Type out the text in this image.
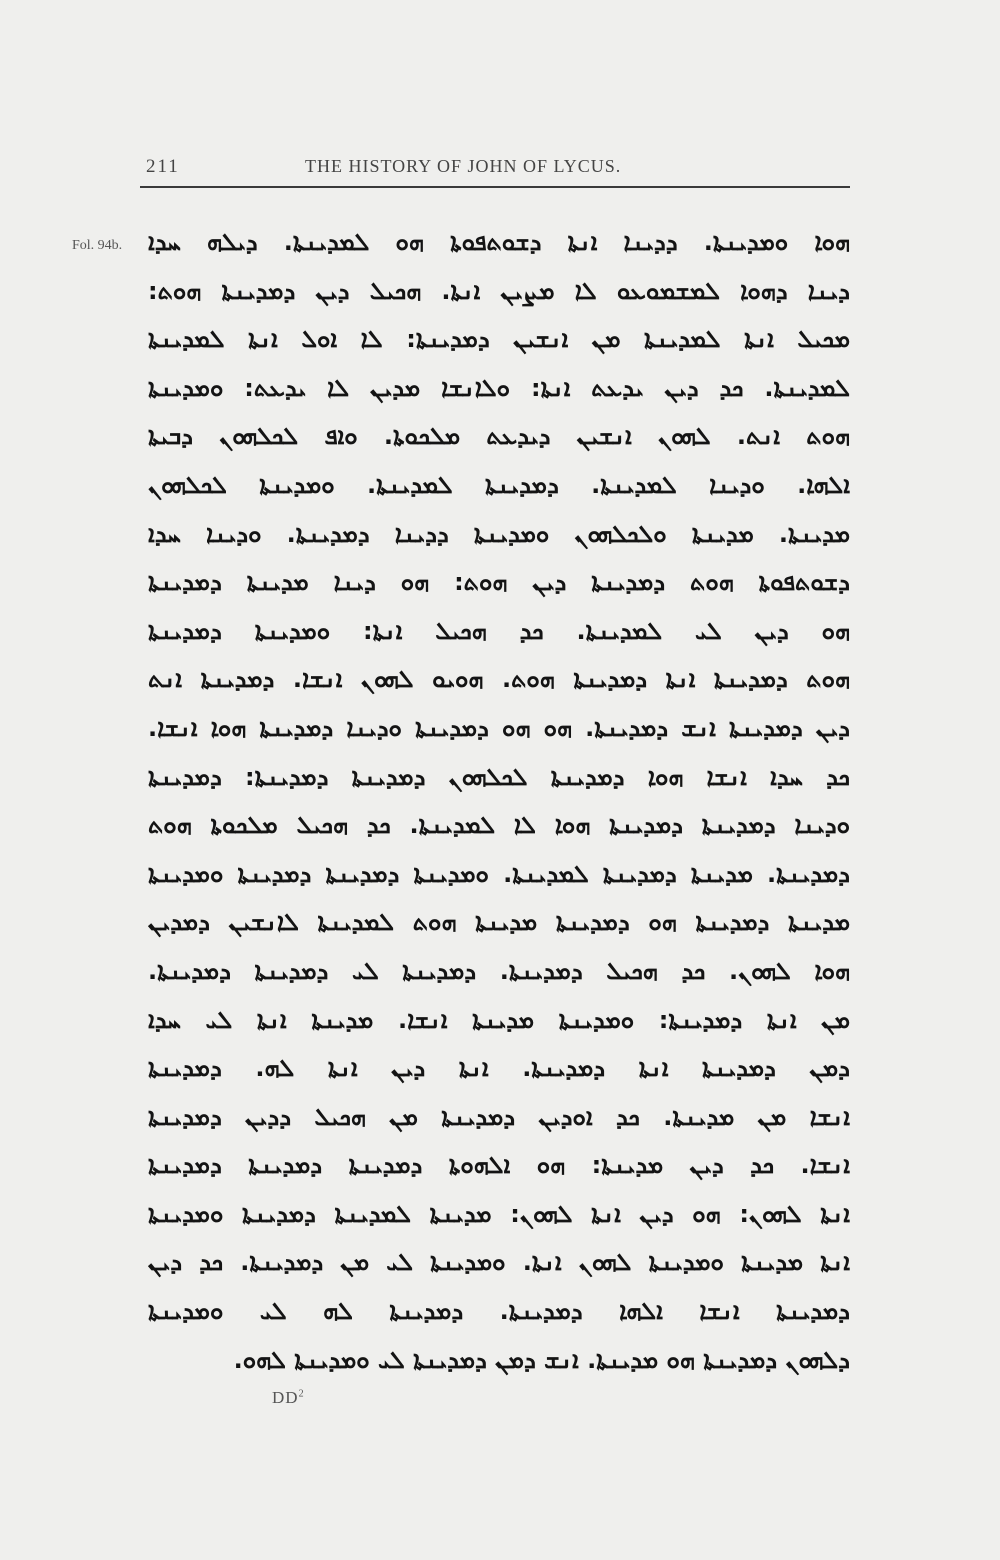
211	THE HISTORY OF JOHN OF LYCUS.
Fol. 94b. ܗܘܐ ܘܡܕܝܢܬܐ. ܕܕܝܢܐ ܐܢܬܐ ܕܫܘܬܦܘܬܐ ܗܘ ܠܡܕܝܢܬܐ. ܕܝܠܗ ܚܕܐ
ܕܝܢܐ ܕܗܘܐ ܠܡܫܡܘܥܘ ܠܐ ܡܨܝܢ ܐܢܬܐ. ܗܟܝܠ ܕܝܢ ܕܡܕܝܢܬܐ ܗܘܬ:
ܡܟܝܠ ܐܢܬܐ ܠܡܕܝܢܬܐ ܡܢ ܐܢܫܝܢ ܕܡܕܝܢܬܐ: ܠܐ ܐܘܠ ܐܢܬܐ ܠܡܕܝܢܬܐ
ܠܡܕܝܢܬܐ. ܟܕ ܕܝܢ ܝܕܥܬ ܐܢܬܐ: ܘܠܐܢܫܐ ܡܕܝܢ ܠܐ ܝܕܥܬ: ܘܡܕܝܢܬܐ
ܗܘܬ ܐܢܬ. ܠܗܘܢ ܐܢܫܝܢ ܕܝܕܥܬ ܡܠܟܘܬܐ. ܘܐܦ ܠܟܠܗܘܢ ܕܒܝܬܐ
ܐܠܗܐ. ܘܕܝܢܐ ܠܡܕܝܢܬܐ. ܕܡܕܝܢܬܐ ܠܡܕܝܢܬܐ. ܘܡܕܝܢܬܐ ܠܟܠܗܘܢ
ܡܕܝܢܬܐ. ܡܕܝܢܬܐ ܘܠܟܠܗܘܢ ܘܡܕܝܢܬܐ ܕܕܝܢܐ ܕܡܕܝܢܬܐ. ܘܕܝܢܐ ܚܕܐ
ܕܫܘܬܦܘܬܐ ܗܘܬ ܕܡܕܝܢܬܐ ܕܝܢ ܗܘܬ: ܗܘ ܕܝܢܐ ܡܕܝܢܬܐ ܕܡܕܝܢܬܐ
ܗܘ ܕܝܢ ܠܝ ܠܡܕܝܢܬܐ. ܟܕ ܗܟܝܠ ܐܢܬܐ: ܘܡܕܝܢܬܐ ܕܡܕܝܢܬܐ
ܗܘܬ ܕܡܕܝܢܬܐ ܐܢܬܐ ܕܡܕܝܢܬܐ ܗܘܬ. ܗܘܝܘ ܠܗܘܢ ܐܢܫܐ. ܕܡܕܝܢܬܐ ܐܢܬ
ܕܝܢ ܕܡܕܝܢܬܐ ܐܢܫ ܕܡܕܝܢܬܐ. ܗܘ ܗܘ ܕܡܕܝܢܬܐ ܘܕܝܢܐ ܕܡܕܝܢܬܐ ܗܘܐ ܐܢܫܐ.
ܟܕ ܚܕܐ ܐܢܫܐ ܗܘܐ ܕܡܕܝܢܬܐ ܠܟܠܗܘܢ ܕܡܕܝܢܬܐ ܕܡܕܝܢܬܐ: ܕܡܕܝܢܬܐ
ܘܕܝܢܐ ܕܡܕܝܢܬܐ ܕܡܕܝܢܬܐ ܗܘܐ ܠܐ ܠܡܕܝܢܬܐ. ܟܕ ܗܟܝܠ ܡܠܟܘܬܐ ܗܘܬ
ܕܡܕܝܢܬܐ. ܡܕܝܢܬܐ ܕܡܕܝܢܬܐ ܠܡܕܝܢܬܐ. ܘܡܕܝܢܬܐ ܕܡܕܝܢܬܐ ܕܡܕܝܢܬܐ ܘܡܕܝܢܬܐ
ܡܕܝܢܬܐ ܕܡܕܝܢܬܐ ܗܘ ܕܡܕܝܢܬܐ ܡܕܝܢܬܐ ܗܘܬ ܠܡܕܝܢܬܐ ܠܐܢܫܝܢ ܕܡܕܝܢ
ܗܘܐ ܠܗܘܢ. ܟܕ ܗܟܝܠ ܕܡܕܝܢܬܐ. ܕܡܕܝܢܬܐ ܠܝ ܕܡܕܝܢܬܐ ܕܡܕܝܢܬܐ.
ܡܢ ܐܢܬܐ ܕܡܕܝܢܬܐ: ܘܡܕܝܢܬܐ ܡܕܝܢܬܐ ܐܢܫܐ. ܡܕܝܢܬܐ ܐܢܬܐ ܠܝ ܚܕܐ
ܕܡܢ ܕܡܕܝܢܬܐ ܐܢܬܐ ܕܡܕܝܢܬܐ. ܐܢܬܐ ܕܝܢ ܐܢܬܐ ܠܗ. ܕܡܕܝܢܬܐ
ܐܢܫܐ ܡܢ ܡܕܝܢܬܐ. ܟܕ ܐܘܕܝܢ ܕܡܕܝܢܬܐ ܡܢ ܗܟܝܠ ܕܕܝܢ ܕܡܕܝܢܬܐ
ܐܢܫܐ. ܟܕ ܕܝܢ ܡܕܝܢܬܐ: ܗܘ ܐܠܗܘܬܐ ܕܡܕܝܢܬܐ ܕܡܕܝܢܬܐ ܕܡܕܝܢܬܐ
ܐܢܬܐ ܠܗܘܢ: ܗܘ ܕܝܢ ܐܢܬܐ ܠܗܘܢ: ܡܕܝܢܬܐ ܠܡܕܝܢܬܐ ܕܡܕܝܢܬܐ ܘܡܕܝܢܬܐ
ܐܢܬܐ ܡܕܝܢܬܐ ܘܡܕܝܢܬܐ ܠܗܘܢ ܐܢܬܐ. ܘܡܕܝܢܬܐ ܠܝ ܡܢ ܕܡܕܝܢܬܐ. ܟܕ ܕܝܢ
ܕܡܕܝܢܬܐ ܐܢܫܐ ܐܠܗܐ ܕܡܕܝܢܬܐ. ܕܡܕܝܢܬܐ ܠܗ ܠܝ ܘܡܕܝܢܬܐ
ܕܠܗܘܢ ܕܡܕܝܢܬܐ ܗܘ ܡܕܝܢܬܐ. ܐܢܫ ܕܡܢ ܕܡܕܝܢܬܐ ܠܝ ܘܡܕܝܢܬܐ ܠܗܘ.
$DD^2$
